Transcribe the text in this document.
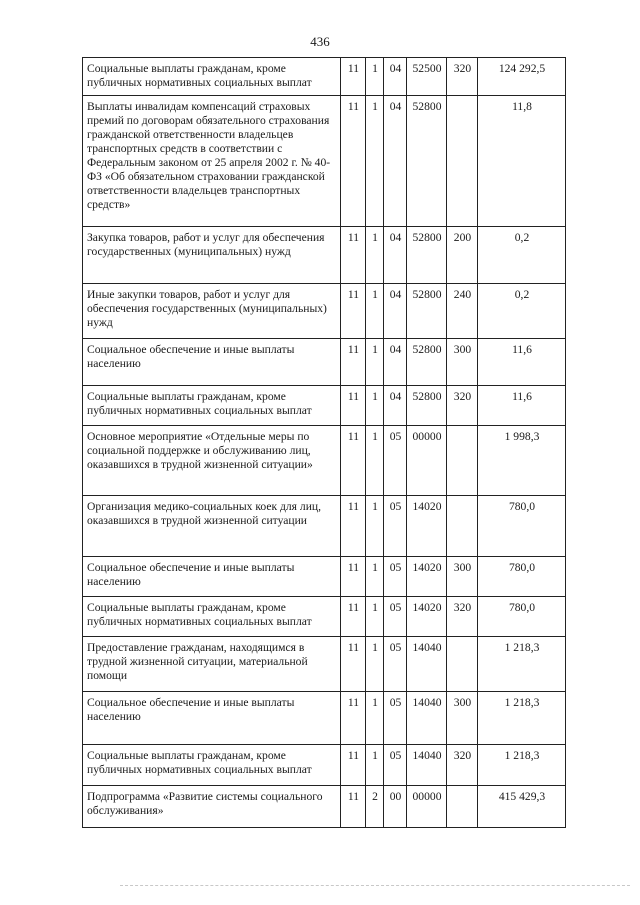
436
Социальные выплаты гражданам, кроме публичных нормативных социальных выплат	11	1	04	52500	320	124 292,5
Выплаты инвалидам компенсаций страховых премий по договорам обязательного страхования гражданской ответственности владельцев транспортных средств в соответствии с Федеральным законом от 25 апреля 2002 г. № 40-ФЗ «Об обязательном страховании гражданской ответственности владельцев транспортных средств»	11	1	04	52800		11,8
Закупка товаров, работ и услуг для обеспечения государственных (муниципальных) нужд	11	1	04	52800	200	0,2
Иные закупки товаров, работ и услуг для обеспечения государственных (муниципальных) нужд	11	1	04	52800	240	0,2
Социальное обеспечение и иные выплаты населению	11	1	04	52800	300	11,6
Социальные выплаты гражданам, кроме публичных нормативных социальных выплат	11	1	04	52800	320	11,6
Основное мероприятие «Отдельные меры по социальной поддержке и обслуживанию лиц, оказавшихся в трудной жизненной ситуации»	11	1	05	00000		1 998,3
Организация медико-социальных коек для лиц, оказавшихся в трудной жизненной ситуации	11	1	05	14020		780,0
Социальное обеспечение и иные выплаты населению	11	1	05	14020	300	780,0
Социальные выплаты гражданам, кроме публичных нормативных социальных выплат	11	1	05	14020	320	780,0
Предоставление гражданам, находящимся в трудной жизненной ситуации, материальной помощи	11	1	05	14040		1 218,3
Социальное обеспечение и иные выплаты населению	11	1	05	14040	300	1 218,3
Социальные выплаты гражданам, кроме публичных нормативных социальных выплат	11	1	05	14040	320	1 218,3
Подпрограмма «Развитие системы социального обслуживания»	11	2	00	00000		415 429,3
